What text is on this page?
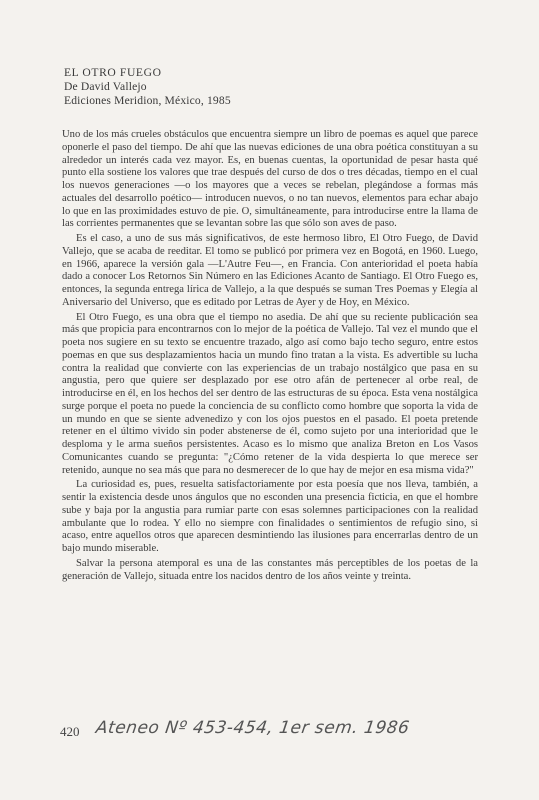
EL OTRO FUEGO
De David Vallejo
Ediciones Meridion, México, 1985

Uno de los más crueles obstáculos que encuentra siempre un libro de poemas es aquel que parece oponerle el paso del tiempo. De ahí que las nuevas ediciones de una obra poética constituyan a su alrededor un interés cada vez mayor. Es, en buenas cuentas, la oportunidad de pesar hasta qué punto ella sostiene los valores que trae después del curso de dos o tres décadas, tiempo en el cual los nuevos generaciones —o los mayores que a veces se rebelan, plegándose a formas más actuales del desarrollo poético— introducen nuevos, o no tan nuevos, elementos para echar abajo lo que en las proximidades estuvo de pie. O, simultáneamente, para introducirse entre la llama de las corrientes permanentes que se levantan sobre las que sólo son aves de paso.

Es el caso, a uno de sus más significativos, de este hermoso libro, El Otro Fuego, de David Vallejo, que se acaba de reeditar. El tomo se publicó por primera vez en Bogotá, en 1960. Luego, en 1966, aparece la versión gala —L'Autre Feu—, en Francia. Con anterioridad el poeta había dado a conocer Los Retornos Sin Número en las Ediciones Acanto de Santiago. El Otro Fuego es, entonces, la segunda entrega lírica de Vallejo, a la que después se suman Tres Poemas y Elegía al Aniversario del Universo, que es editado por Letras de Ayer y de Hoy, en México.

El Otro Fuego, es una obra que el tiempo no asedia. De ahí que su reciente publicación sea más que propicia para encontrarnos con lo mejor de la poética de Vallejo. Tal vez el mundo que el poeta nos sugiere en su texto se encuentre trazado, algo así como bajo techo seguro, entre estos poemas en que sus desplazamientos hacia un mundo fino tratan a la vista. Es advertible su lucha contra la realidad que convierte con las experiencias de un trabajo nostálgico que pasa en su angustia, pero que quiere ser desplazado por ese otro afán de pertenecer al orbe real, de introducirse en él, en los hechos del ser dentro de las estructuras de su época. Esta vena nostálgica surge porque el poeta no puede la conciencia de su conflicto como hombre que soporta la vida de un mundo en que se siente advenedizo y con los ojos puestos en el pasado. El poeta pretende retener en el último vivido sin poder abstenerse de él, como sujeto por una interioridad que le desploma y le arma sueños persistentes. Acaso es lo mismo que analiza Breton en Los Vasos Comunicantes cuando se pregunta: "¿Cómo retener de la vida despierta lo que merece ser retenido, aunque no sea más que para no desmerecer de lo que hay de mejor en esa misma vida?"

La curiosidad es, pues, resuelta satisfactoriamente por esta poesía que nos lleva, también, a sentir la existencia desde unos ángulos que no esconden una presencia ficticia, en que el hombre sube y baja por la angustia para rumiar parte con esas solemnes participaciones con la realidad ambulante que lo rodea. Y ello no siempre con finalidades o sentimientos de refugio sino, si acaso, entre aquellos otros que aparecen desmintiendo las ilusiones para encerrarlas dentro de un bajo mundo miserable.

Salvar la persona atemporal es una de las constantes más perceptibles de los poetas de la generación de Vallejo, situada entre los nacidos dentro de los años veinte y treinta.

420 Ateneo Nº 453-454, 1er sem. 1986
